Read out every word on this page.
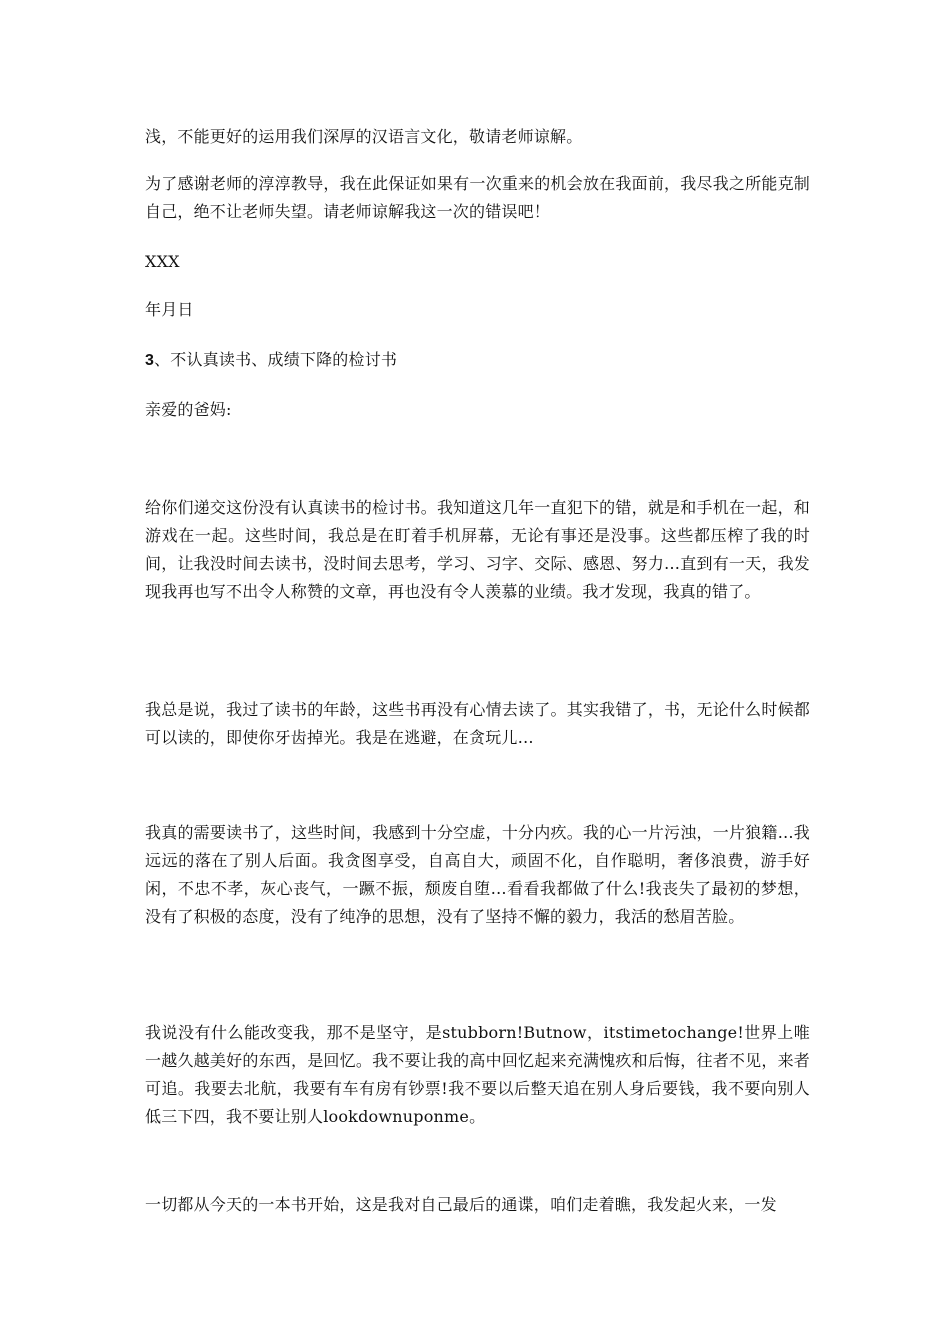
浅，不能更好的运用我们深厚的汉语言文化，敬请老师谅解。

为了感谢老师的淳淳教导，我在此保证如果有一次重来的机会放在我面前，我尽我之所能克制自己，绝不让老师失望。请老师谅解我这一次的错误吧！

XXX

年月日

3、不认真读书、成绩下降的检讨书

亲爱的爸妈:

给你们递交这份没有认真读书的检讨书。我知道这几年一直犯下的错，就是和手机在一起，和游戏在一起。这些时间，我总是在盯着手机屏幕，无论有事还是没事。这些都压榨了我的时间，让我没时间去读书，没时间去思考，学习、习字、交际、感恩、努力…直到有一天，我发现我再也写不出令人称赞的文章，再也没有令人羡慕的业绩。我才发现，我真的错了。

我总是说，我过了读书的年龄，这些书再没有心情去读了。其实我错了，书，无论什么时候都可以读的，即使你牙齿掉光。我是在逃避，在贪玩儿…

我真的需要读书了，这些时间，我感到十分空虚，十分内疚。我的心一片污浊，一片狼籍…我远远的落在了别人后面。我贪图享受，自高自大，顽固不化，自作聪明，奢侈浪费，游手好闲，不忠不孝，灰心丧气，一蹶不振，颓废自堕…看看我都做了什么!我丧失了最初的梦想，没有了积极的态度，没有了纯净的思想，没有了坚持不懈的毅力，我活的愁眉苦脸。

我说没有什么能改变我，那不是坚守，是stubborn!Butnow，itstimetochange!世界上唯一越久越美好的东西，是回忆。我不要让我的高中回忆起来充满愧疚和后悔，往者不见，来者可追。我要去北航，我要有车有房有钞票!我不要以后整天追在别人身后要钱，我不要向别人低三下四，我不要让别人lookdownuponme。

一切都从今天的一本书开始，这是我对自己最后的通谍，咱们走着瞧，我发起火来，一发
